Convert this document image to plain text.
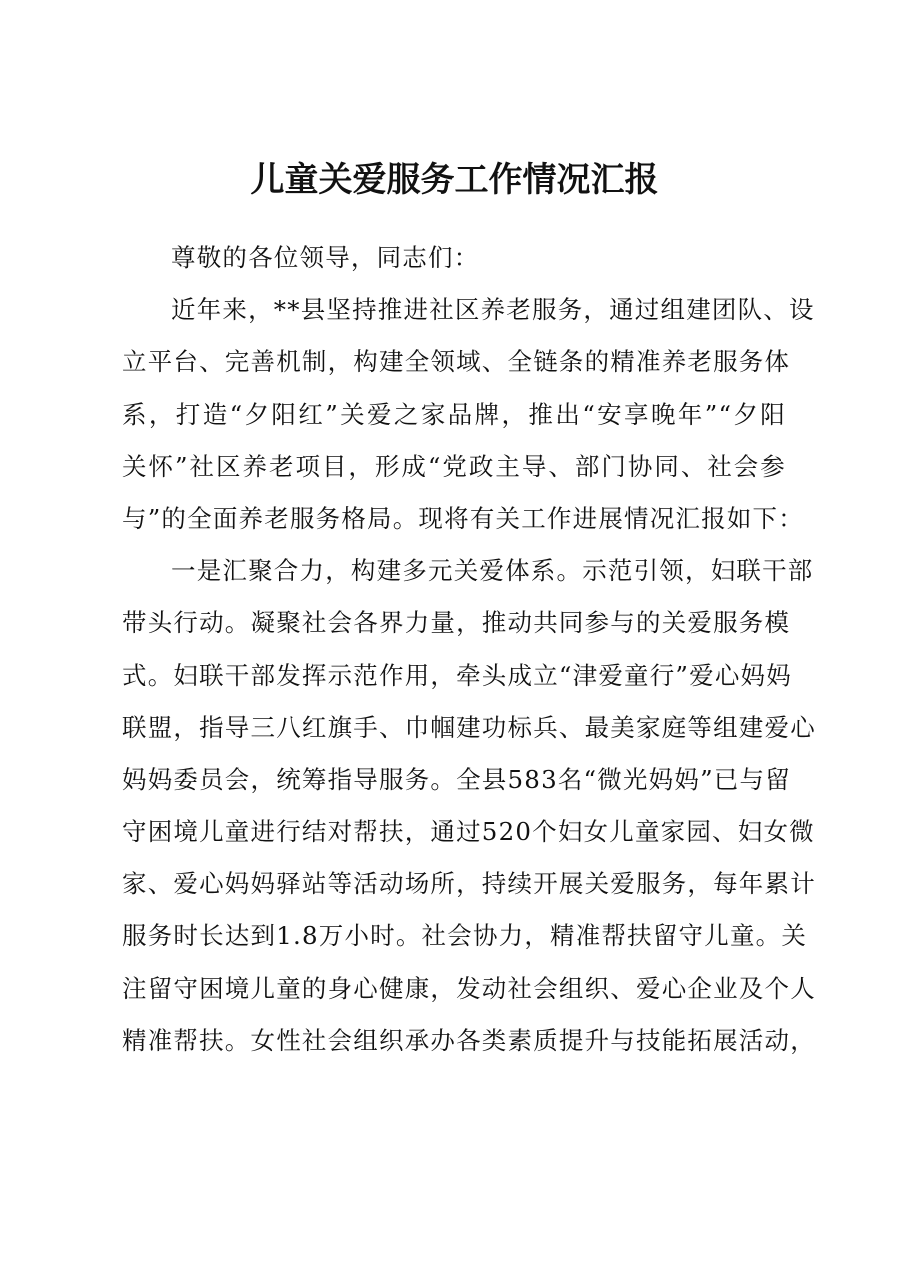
儿童关爱服务工作情况汇报
尊敬的各位领导，同志们：
近年来，**县坚持推进社区养老服务，通过组建团队、设
立平台、完善机制，构建全领域、全链条的精准养老服务体
系，打造“夕阳红”关爱之家品牌，推出“安享晚年”“夕阳
关怀”社区养老项目，形成“党政主导、部门协同、社会参
与”的全面养老服务格局。现将有关工作进展情况汇报如下：
一是汇聚合力，构建多元关爱体系。示范引领，妇联干部
带头行动。凝聚社会各界力量，推动共同参与的关爱服务模
式。妇联干部发挥示范作用，牵头成立“津爱童行”爱心妈妈
联盟，指导三八红旗手、巾帼建功标兵、最美家庭等组建爱心
妈妈委员会，统筹指导服务。全县583名“微光妈妈”已与留
守困境儿童进行结对帮扶，通过520个妇女儿童家园、妇女微
家、爱心妈妈驿站等活动场所，持续开展关爱服务，每年累计
服务时长达到1.8万小时。社会协力，精准帮扶留守儿童。关
注留守困境儿童的身心健康，发动社会组织、爱心企业及个人
精准帮扶。女性社会组织承办各类素质提升与技能拓展活动，
